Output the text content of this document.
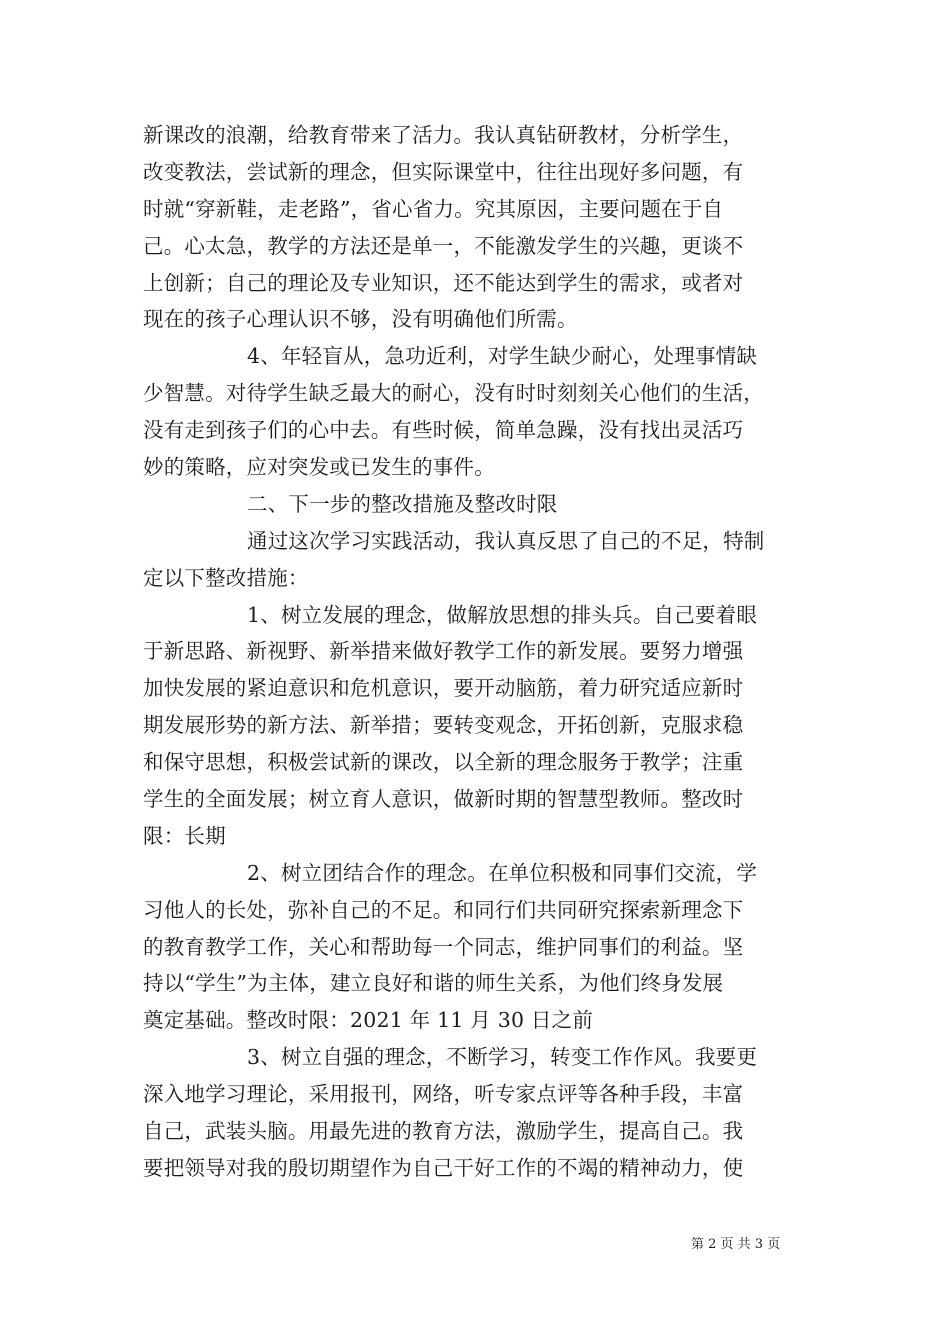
新课改的浪潮，给教育带来了活力。我认真钻研教材，分析学生，
改变教法，尝试新的理念，但实际课堂中，往往出现好多问题，有
时就“穿新鞋，走老路”，省心省力。究其原因，主要问题在于自
己。心太急，教学的方法还是单一，不能激发学生的兴趣，更谈不
上创新；自己的理论及专业知识，还不能达到学生的需求，或者对
现在的孩子心理认识不够，没有明确他们所需。
4、年轻盲从，急功近利，对学生缺少耐心，处理事情缺
少智慧。对待学生缺乏最大的耐心，没有时时刻刻关心他们的生活，
没有走到孩子们的心中去。有些时候，简单急躁，没有找出灵活巧
妙的策略，应对突发或已发生的事件。
二、下一步的整改措施及整改时限
通过这次学习实践活动，我认真反思了自己的不足，特制
定以下整改措施：
1、树立发展的理念，做解放思想的排头兵。自己要着眼
于新思路、新视野、新举措来做好教学工作的新发展。要努力增强
加快发展的紧迫意识和危机意识，要开动脑筋，着力研究适应新时
期发展形势的新方法、新举措；要转变观念，开拓创新，克服求稳
和保守思想，积极尝试新的课改，以全新的理念服务于教学；注重
学生的全面发展；树立育人意识，做新时期的智慧型教师。整改时
限：长期
2、树立团结合作的理念。在单位积极和同事们交流，学
习他人的长处，弥补自己的不足。和同行们共同研究探索新理念下
的教育教学工作，关心和帮助每一个同志，维护同事们的利益。坚
持以“学生”为主体，建立良好和谐的师生关系，为他们终身发展
奠定基础。整改时限：2021 年 11 月 30 日之前
3、树立自强的理念，不断学习，转变工作作风。我要更
深入地学习理论，采用报刊，网络，听专家点评等各种手段，丰富
自己，武装头脑。用最先进的教育方法，激励学生，提高自己。我
要把领导对我的殷切期望作为自己干好工作的不竭的精神动力，使
第 2 页 共 3 页
